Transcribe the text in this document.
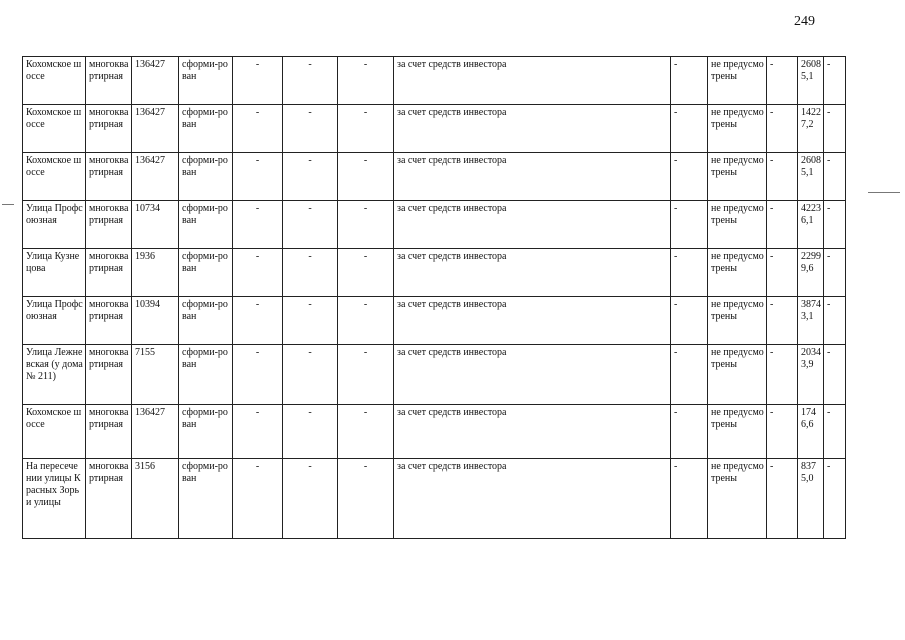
249
Кохомское шоссе	многоквартирная	136427	сформи-рован	-	-	-	за счет средств инвестора	-	не предусмотрены	-	26085,1	-
Кохомское шоссе	многоквартирная	136427	сформи-рован	-	-	-	за счет средств инвестора	-	не предусмотрены	-	14227,2	-
Кохомское шоссе	многоквартирная	136427	сформи-рован	-	-	-	за счет средств инвестора	-	не предусмотрены	-	26085,1	-
Улица Профсоюзная	многоквартирная	10734	сформи-рован	-	-	-	за счет средств инвестора	-	не предусмотрены	-	42236,1	-
Улица Кузнецова	многоквартирная	1936	сформи-рован	-	-	-	за счет средств инвестора	-	не предусмотрены	-	22999,6	-
Улица Профсоюзная	многоквартирная	10394	сформи-рован	-	-	-	за счет средств инвестора	-	не предусмотрены	-	38743,1	-
Улица Лежневская (у дома № 211)	многоквартирная	7155	сформи-рован	-	-	-	за счет средств инвестора	-	не предусмотрены	-	20343,9	-
Кохомское шоссе	многоквартирная	136427	сформи-рован	-	-	-	за счет средств инвестора	-	не предусмотрены	-	1746,6	-
На пересечении улицы Красных Зорь и улицы	многоквартирная	3156	сформи-рован	-	-	-	за счет средств инвестора	-	не предусмотрены	-	8375,0	-
